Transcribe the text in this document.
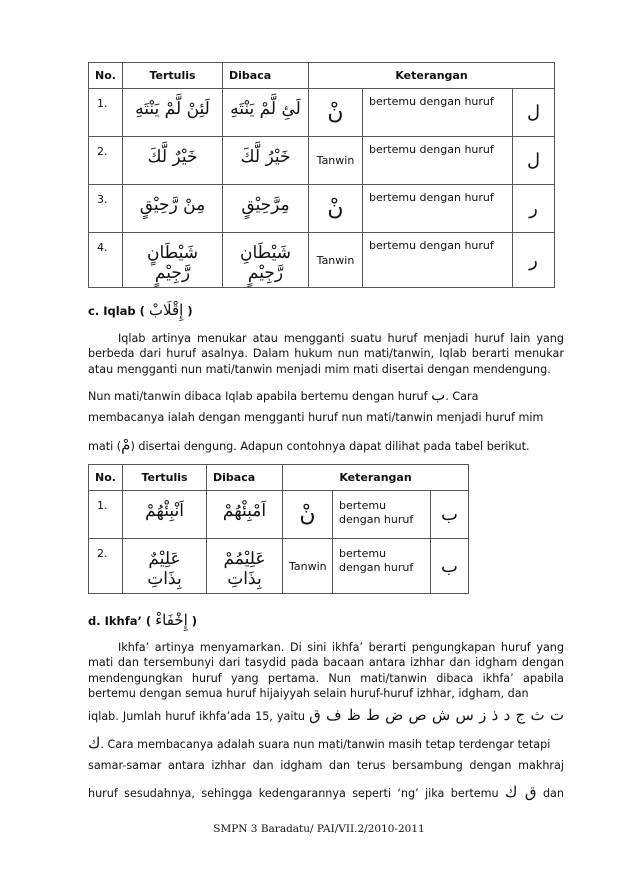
No.	Tertulis	Dibaca	Keterangan		
1.	لَئِنْ لَّمْ يَنْتَهِ	لَئِ لَّمْ يَنْتَهِ	نْ	bertemu dengan huruf	ل
2.	خَيْرٌ لَّكَ	خَيْرُ لَّكَ	Tanwin	bertemu dengan huruf	ل
3.	مِنْ رَّحِيْقٍ	مِرَّحِيْقٍ	نْ	bertemu dengan huruf	ر
4.	شَيْطَانٍ رَّجِيْمٍ	شَيْطَانِ رَّجِيْمٍ	Tanwin	bertemu dengan huruf	ر
c. Iqlab ( إِقْلَابْ )
Iqlab artinya menukar atau mengganti suatu huruf menjadi huruf lain yang berbeda dari huruf asalnya. Dalam hukum nun mati/tanwin, Iqlab berarti menukar atau mengganti nun mati/tanwin menjadi mim mati disertai dengan mendengung.
Nun mati/tanwin dibaca Iqlab apabila bertemu dengan huruf ب. Cara
membacanya ialah dengan mengganti huruf nun mati/tanwin menjadi huruf mim
mati (مْ) disertai dengung. Adapun contohnya dapat dilihat pada tabel berikut.
No.	Tertulis	Dibaca	Keterangan		
1.	اَنْبِئْهُمْ	اَمْبِئْهُمْ	نْ	bertemu dengan huruf	ب
2.	عَلِيْمٌ بِذَاتِ	عَلِيْمُمْ بِذَاتِ	Tanwin	bertemu dengan huruf	ب
d. Ikhfa’ ( إِخْفَاءْ )
Ikhfa’ artinya menyamarkan. Di sini ikhfa’ berarti pengungkapan huruf yang mati dan tersembunyi dari tasydid pada bacaan antara izhhar dan idgham dengan mendengungkan huruf yang pertama. Nun mati/tanwin dibaca ikhfa’ apabila bertemu dengan semua huruf hijaiyyah selain huruf-huruf izhhar, idgham, dan
iqlab. Jumlah huruf ikhfa’ada 15, yaitu ت ث ج د ذ ز س ش ص ض ط ظ ف ق
ك. Cara membacanya adalah suara nun mati/tanwin masih tetap terdengar tetapi
samar-samar antara izhhar dan idgham dan terus bersambung dengan makhraj
huruf sesudahnya, sehingga kedengarannya seperti ‘ng’ jika bertemu ق ك dan
SMPN 3 Baradatu/ PAI/VII.2/2010-2011
